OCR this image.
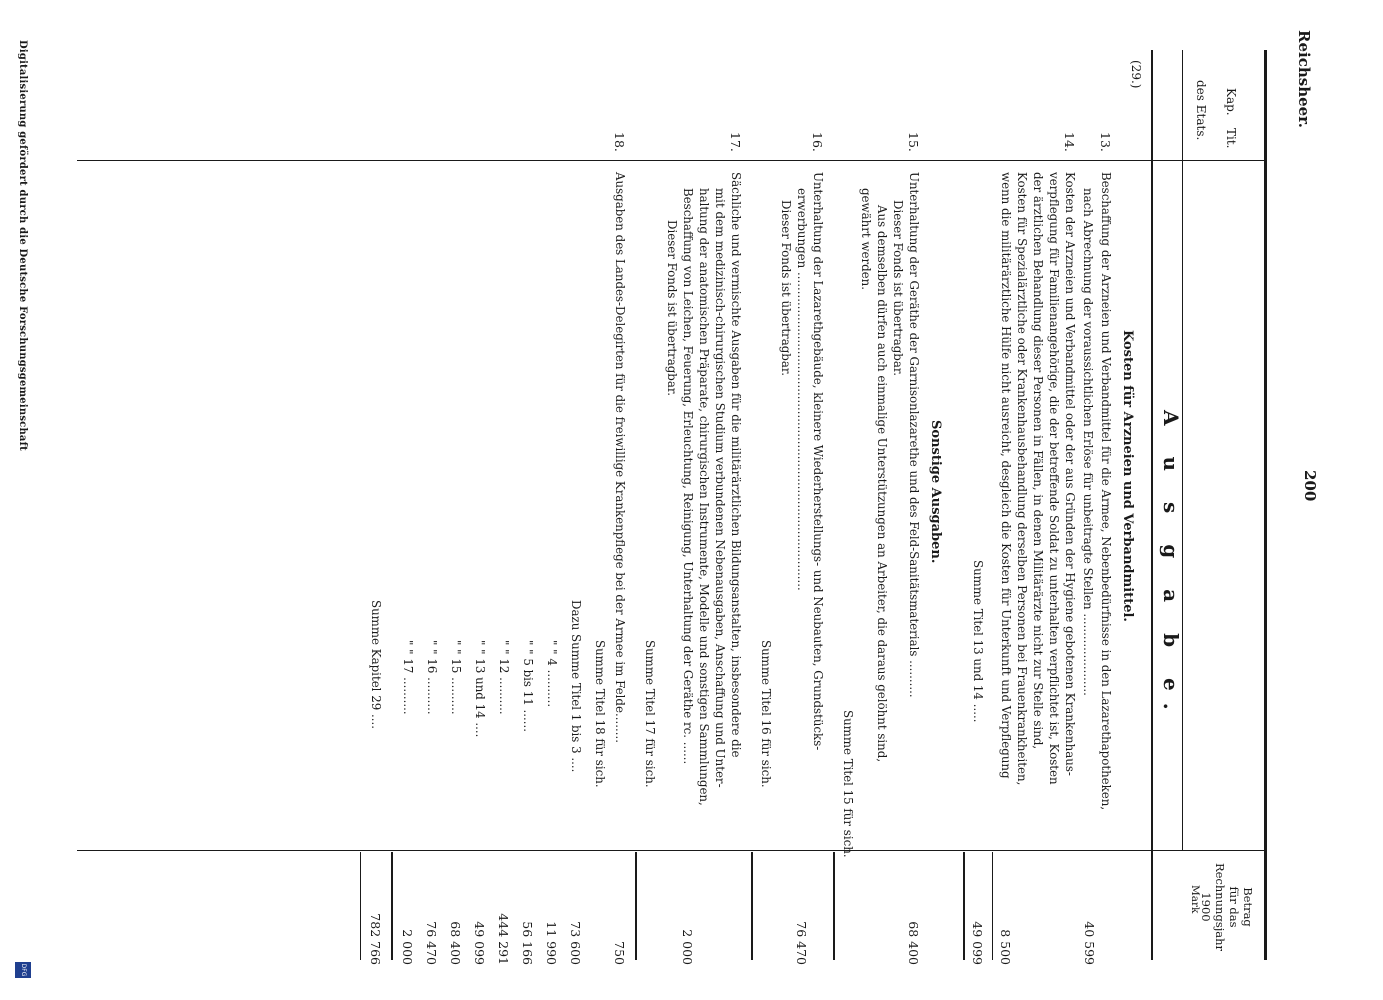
Reichsheer.
200
Kap.
Tit.
des Etats.
A u s g a b e.
Betrag
für das
Rechnungsjahr
1900
Mark
(29.)
Kosten für Arzneien und Verbandmittel.
13.
Beschaffung der Arzneien und Verbandmittel für die Armee, Nebenbedürfnisse in den Lazarethapotheken,
nach Abrechnung der voraussichtlichen Erlöse für unbeitragte Stellen ......................
40 599
14.
Kosten der Arzneien und Verbandmittel oder der aus Gründen der Hygiene gebotenen Krankenhaus-
verpflegung für Familienangehörige, die der betreffende Soldat zu unterhalten verpflichtet ist, Kosten
der ärztlichen Behandlung dieser Personen in Fällen, in denen Militärärzte nicht zur Stelle sind,
Kosten für Spezialärztliche oder Krankenhausbehandlung derselben Personen bei Frauenkrankheiten,
wenn die militärärztliche Hülfe nicht ausreicht, desgleich die Kosten für Unterkunft und Verpflegung
8 500
Summe Titel 13 und 14 .....
49 099
Sonstige Ausgaben.
15.
Unterhaltung der Geräthe der Garnisonlazarethe und des Feld-Sanitätsmaterials ..........
68 400
Dieser Fonds ist übertragbar.
Aus demselben dürfen auch einmalige Unterstützungen an Arbeiter, die daraus gelöhnt sind,
gewährt werden.
Summe Titel 15 für sich.
16.
Unterhaltung der Lazarethgebäude, kleinere Wiederherstellungs- und Neubauten, Grundstücks-
erwerbungen .....................................................................................
76 470
Dieser Fonds ist übertragbar.
Summe Titel 16 für sich.
17.
Sächliche und vermischte Ausgaben für die militärärztlichen Bildungsanstalten, insbesondere die
mit dem medizinisch-chirurgischen Studium verbundenen Nebenausgaben, Anschaffung und Unter-
haltung der anatomischen Präparate, chirurgischen Instrumente, Modelle und sonstigen Sammlungen,
Beschaffung von Leichen, Feuerung, Erleuchtung, Reinigung, Unterhaltung der Geräthe rc. ......
2 000
Dieser Fonds ist übertragbar.
Summe Titel 17 für sich.
18.
Ausgaben des Landes-Delegirten für die freiwillige Krankenpflege bei der Armee im Felde........
750
Summe Titel 18 für sich.
Dazu Summe Titel 1 bis 3 ....
73 600
" " 4 ..........
11 990
" " 5 bis 11 ......
56 166
" " 12 ..........
444 291
" " 13 und 14 ....
49 099
" " 15 ..........
68 400
" " 16 ..........
76 470
" " 17 ..........
2 000
Summe Kapitel 29 ....
782 766
Digitalisierung gefördert durch die Deutsche Forschungsgemeinschaft
DFG
